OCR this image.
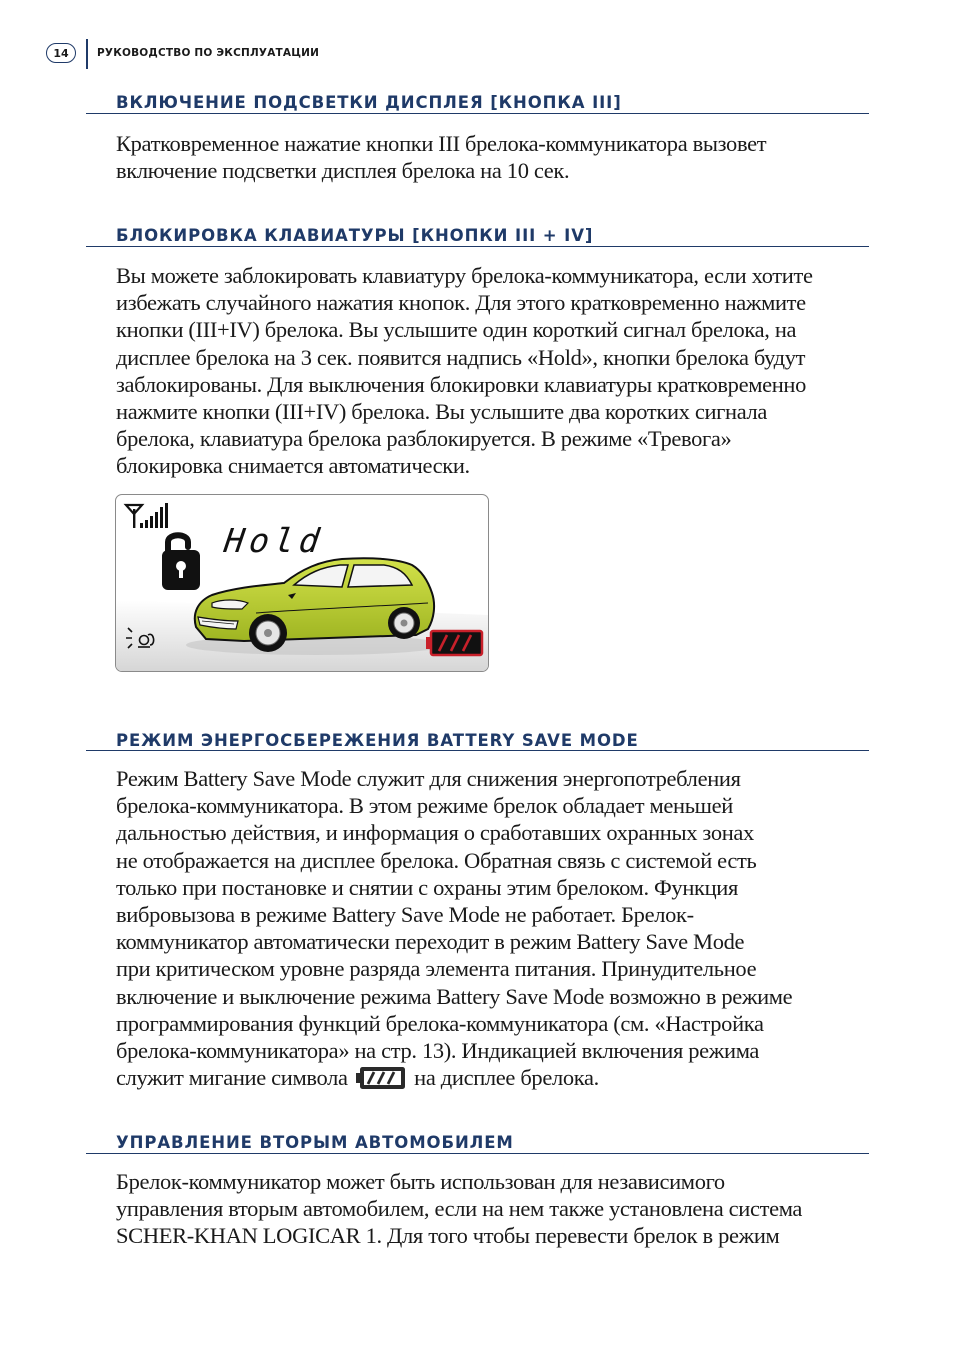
14	РУКОВОДСТВО ПО ЭКСПЛУАТАЦИИ
ВКЛЮЧЕНИЕ ПОДСВЕТКИ ДИСПЛЕЯ [КНОПКА III]
Кратковременное нажатие кнопки III брелока-коммуникатора вызовет
включение подсветки дисплея брелока на 10 сек.
БЛОКИРОВКА КЛАВИАТУРЫ [КНОПКИ III + IV]
Вы можете заблокировать клавиатуру брелока-коммуникатора, если хотите
избежать случайного нажатия кнопок. Для этого кратковременно нажмите
кнопки (III+IV) брелока. Вы услышите один короткий сигнал брелока, на
дисплее брелока на 3 сек. появится надпись «Hold», кнопки брелока будут
заблокированы. Для выключения блокировки клавиатуры кратковременно
нажмите кнопки (III+IV) брелока. Вы услышите два коротких сигнала
брелока, клавиатура брелока разблокируется. В режиме «Тревога»
блокировка снимается автоматически.
Hold
РЕЖИМ ЭНЕРГОСБЕРЕЖЕНИЯ BATTERY SAVE MODE
Режим Battery Save Mode служит для снижения энергопотребления
брелока-коммуникатора. В этом режиме брелок обладает меньшей
дальностью действия, и информация о сработавших охранных зонах
не отображается на дисплее брелока. Обратная связь с системой есть
только при постановке и снятии с охраны этим брелоком. Функция
вибровызова в режиме Battery Save Mode не работает. Брелок-
коммуникатор автоматически переходит в режим Battery Save Mode
при критическом уровне разряда элемента питания. Принудительное
включение и выключение режима Battery Save Mode возможно в режиме
программирования функций брелока-коммуникатора (см. «Настройка
брелока-коммуникатора» на стр. 13). Индикацией включения режима
служит мигание символа	на дисплее брелока.
УПРАВЛЕНИЕ ВТОРЫМ АВТОМОБИЛЕМ
Брелок-коммуникатор может быть использован для независимого
управления вторым автомобилем, если на нем также установлена система
SCHER-KHAN LOGICAR 1. Для того чтобы перевести брелок в режим
